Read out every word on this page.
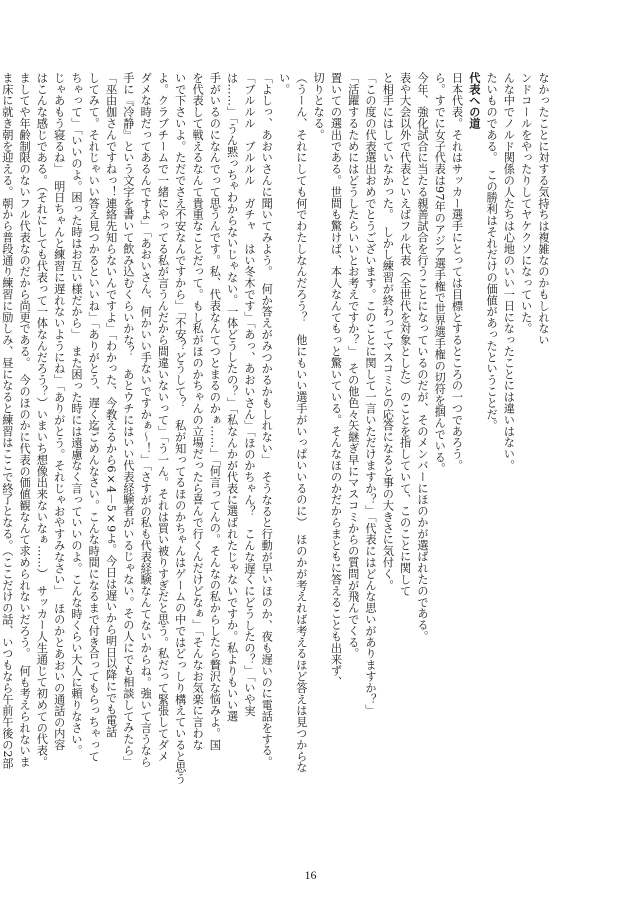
なかったことに対する気持ちは複雑なのかもしれない
ンドコールをやったりしてヤケクソになっていた。
んな中でノルド関係の人たちは心地のいい一日になったことには違いはない。
たいものである。　この勝利はそれだけの価値があったということだ。
代表への道
日本代表。それはサッカー選手にとっては目標とするところの一つであろう。
ら。すでに女子代表は97年のアジア選手権で世界選手権の切符を掴んでいる。
今年、強化試合に当たる親善試合を行うことになっているのだが、そのメンバーにほのかが選ばれたのである。
表や大会以外で代表といえばフル代表（全世代を対象とした）のことを指していて、このことに関して
と相手にはしていなかった。　しかし練習が終わってマスコミとの応答になると事の大きさに気付く。
「この度の代表選出おめでとうございます。このことに関して一言いただけますか？」「代表にはどんな思いがありますか？」
「活躍するためにはどうしたらいいとお考えですか？」　その他色々矢継ぎ早にマスコミからの質問が飛んでくる。
置いての選出である。世間も驚けば、本人なんてもっと驚いている。そんなほのかだからまともに答えることも出来ず、
切りとなる。
（うーん、それにしても何でわたしなんだろう？　他にもいい選手がいっぱいいるのに）　ほのかが考えれば考えるほど答えは見つからな
い。
「よしっ、あおいさんに聞いてみよう。　何か答えがみつかるかもしれない」　そうなると行動が早いほのか、夜も遅いのに電話をする。
「ブルルル　ブルルル　ガチャ　はい冬木です」「あっ、あおいさん」「ほのかちゃん？　こんな遅くにどうしたの？」「いや実
は……」「うん黙っちゃわからないじゃない。一体どうしたの？」「私なんかが代表に選ばれたじゃないですか。私よりもいい選
手がいるのになんでって思うんです。私、代表なんてつとまるのかぁ……」「何言ってんの。そんなの私からしたら贅沢な悩みよ。国
を代表して戦えるなんて貴重なことだって。もし私がほのかちゃんの立場だったら喜んで行くんだけどなぁ」「そんなお気楽に言わな
いで下さいよ。ただでさえ不安なんですから」「不安？どうして？　私が知ってるほのかちゃんはゲームの中ではどっしり構えていると思う
よ。クラブチームで一緒にやってる私が言うんだから間違いないって」「う一ん。それは買い被りすぎだと思う。私だって緊張してダメ
ダメな時だってあるんですよ」「あおいさん、何かいい手ないですかぁ～！」「さすがの私も代表経験なんてないからね。強いて言うなら
手に『冷静』という文字を書いて飲み込むくらいかな？　あとウチにはいい代表経験者がいるじゃない。その人にでも相談してみたら」
「巫由伽さんですねっ！連絡先知らないんですよ」「わかった、今教えるから6×4－5×9よ。今日は遅いから明日以降にでも電話
してみて。それじゃいい答え見つかるといいね」「ありがとう、遅く迄ごめんなさい。こんな時間になるまで付き合ってもらっちゃって
ちゃって」「いいのよ。困った時はお互い様だから」　また困った時には遠慮なく言っていいのよ。こんな時くらい大人に頼りなさい。
じゃあもう寝るね」　明日ちゃんと練習に遅れないようにね」「ありがとう。それじゃおやすみなさい」　ほのかとあおいの通話の内容
はこんな感じである。（それにしても代表って一体なんだろう？）いまいち想像出来ないなぁ……）　サッカー人生通じて初めての代表。
ましてや年齢制限のないフル代表なのだから尚更である。　今のほのかに代表の価値観なんて求められないだろう。　何も考えられないま
ま床に就き朝を迎える。朝から普段通り練習に励しみ、昼になると練習はここで終了となる。（ここだけの話、いつもなら午前午後の2部
16
